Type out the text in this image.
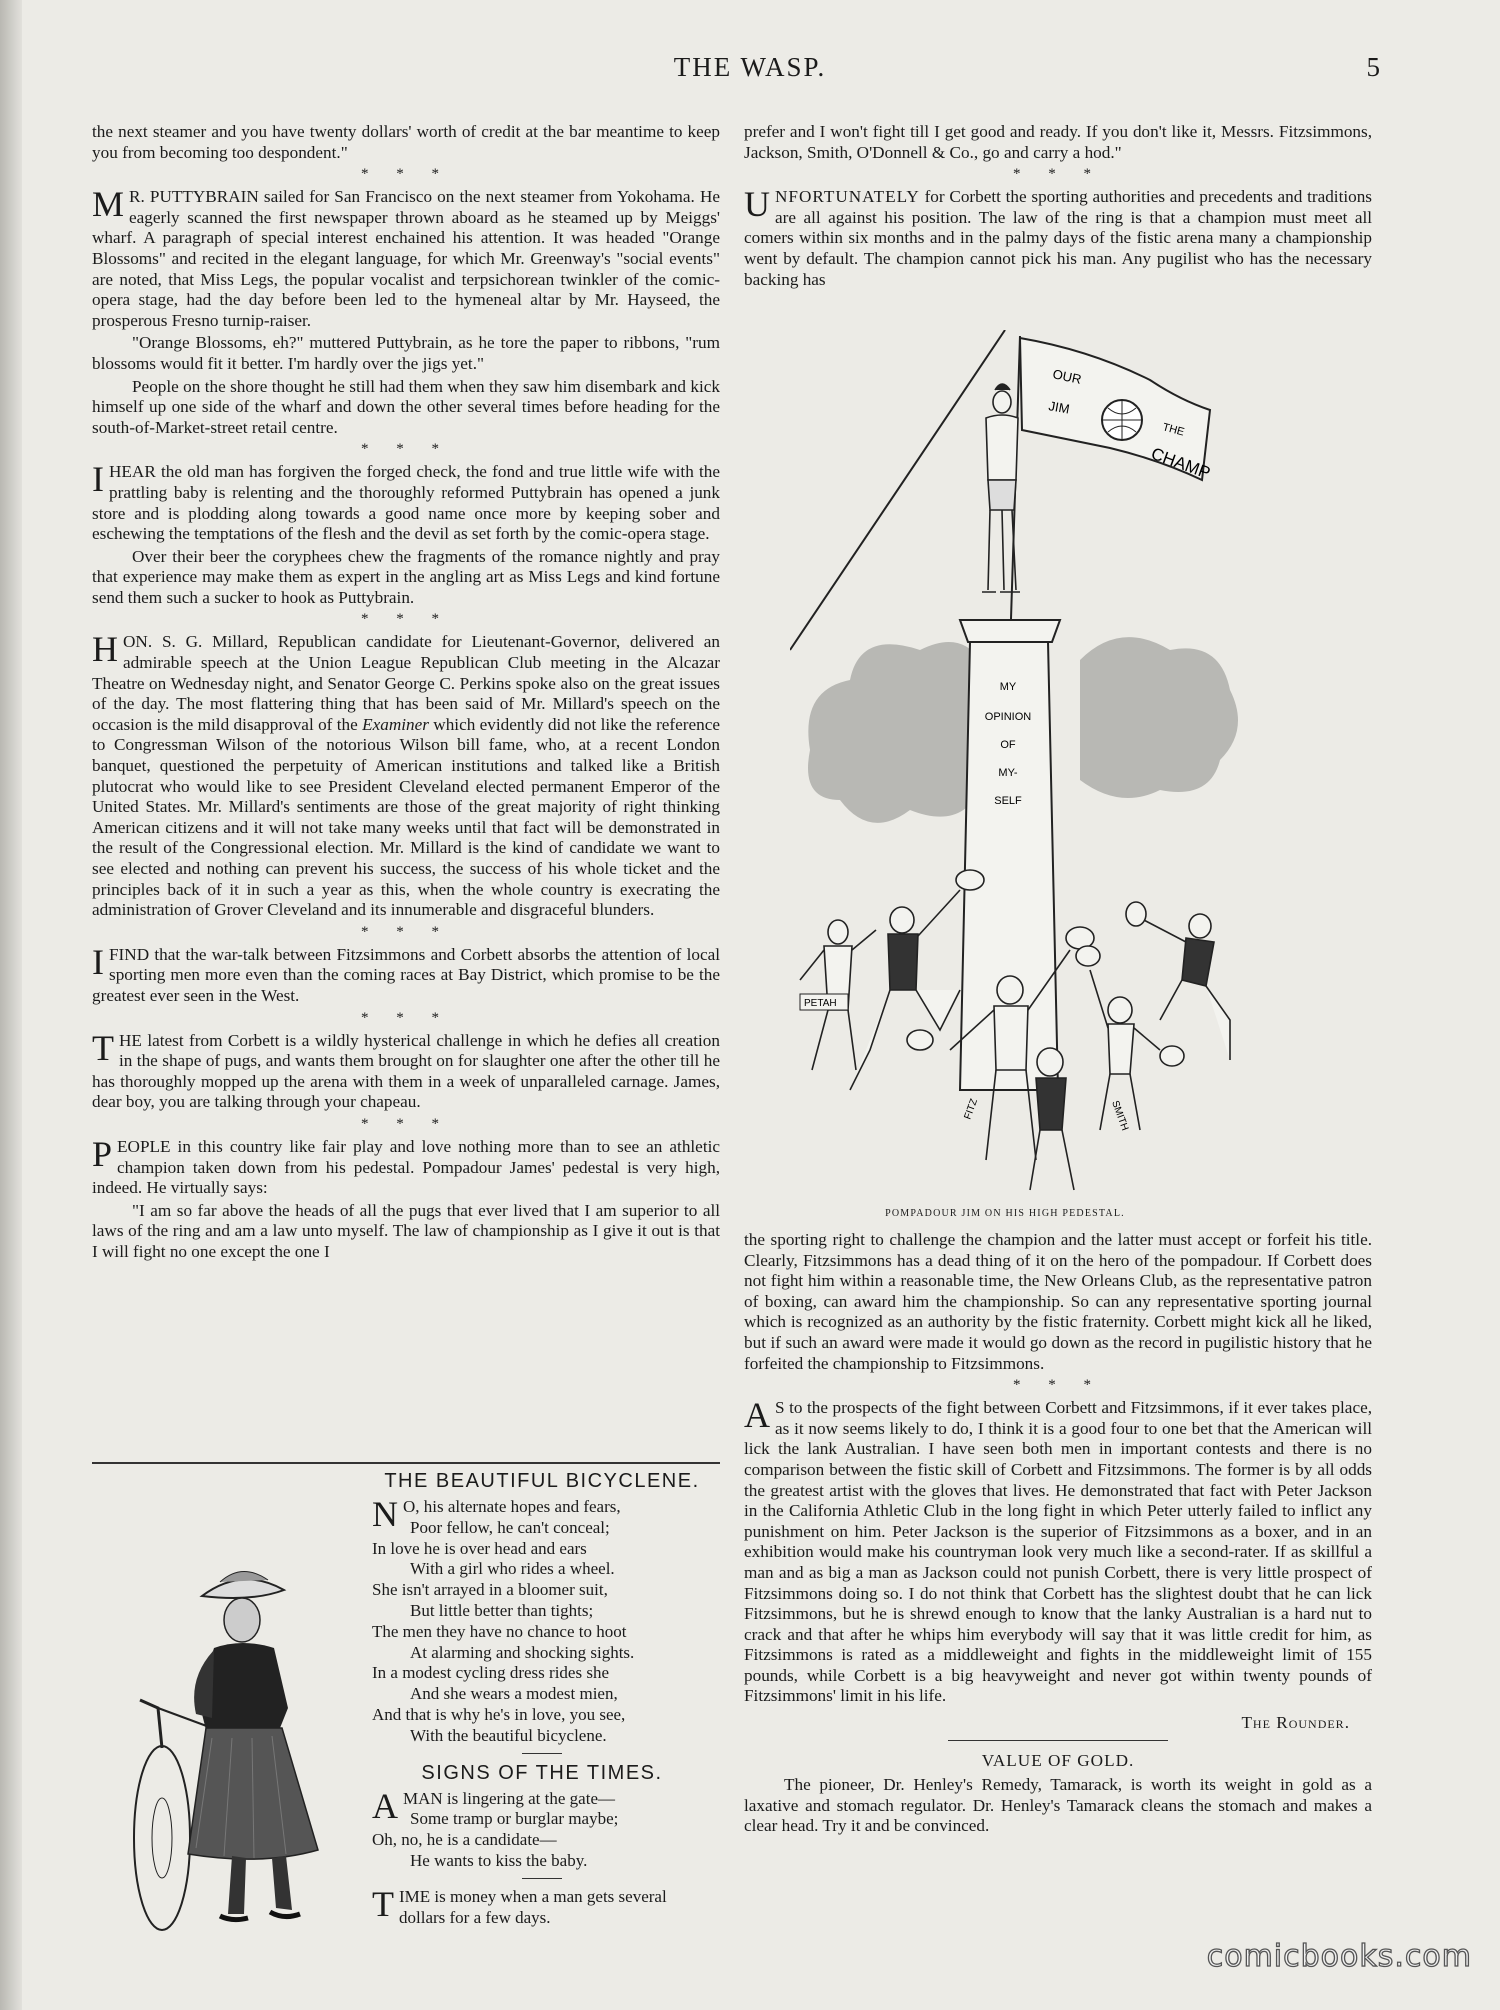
THE WASP.	5

the next steamer and you have twenty dollars' worth of credit at the bar meantime to keep you from becoming too despondent."

* * *

M R. PUTTYBRAIN sailed for San Francisco on the next steamer from Yokohama. He eagerly scanned the first newspaper thrown aboard as he steamed up by Meiggs' wharf. A paragraph of special interest enchained his attention. It was headed "Orange Blossoms" and recited in the elegant language, for which Mr. Greenway's "social events" are noted, that Miss Legs, the popular vocalist and terpsichorean twinkler of the comic-opera stage, had the day before been led to the hymeneal altar by Mr. Hayseed, the prosperous Fresno turnip-raiser.

"Orange Blossoms, eh?" muttered Puttybrain, as he tore the paper to ribbons, "rum blossoms would fit it better. I'm hardly over the jigs yet."

People on the shore thought he still had them when they saw him disembark and kick himself up one side of the wharf and down the other several times before heading for the south-of-Market-street retail centre.

* * *

IHEAR the old man has forgiven the forged check, the fond and true little wife with the prattling baby is relenting and the thoroughly reformed Puttybrain has opened a junk store and is plodding along towards a good name once more by keeping sober and eschewing the temptations of the flesh and the devil as set forth by the comic-opera stage.

Over their beer the coryphees chew the fragments of the romance nightly and pray that experience may make them as expert in the angling art as Miss Legs and kind fortune send them such a sucker to hook as Puttybrain.

* * *

HON. S. G. Millard, Republican candidate for Lieutenant-Governor, delivered an admirable speech at the Union League Republican Club meeting in the Alcazar Theatre on Wednesday night, and Senator George C. Perkins spoke also on the great issues of the day. The most flattering thing that has been said of Mr. Millard's speech on the occasion is the mild disapproval of the Examiner which evidently did not like the reference to Congressman Wilson of the notorious Wilson bill fame, who, at a recent London banquet, questioned the perpetuity of American institutions and talked like a British plutocrat who would like to see President Cleveland elected permanent Emperor of the United States. Mr. Millard's sentiments are those of the great majority of right thinking American citizens and it will not take many weeks until that fact will be demonstrated in the result of the Congressional election. Mr. Millard is the kind of candidate we want to see elected and nothing can prevent his success, the success of his whole ticket and the principles back of it in such a year as this, when the whole country is execrating the administration of Grover Cleveland and its innumerable and disgraceful blunders.

* * *

IFIND that the war-talk between Fitzsimmons and Corbett absorbs the attention of local sporting men more even than the coming races at Bay District, which promise to be the greatest ever seen in the West.

* * *

THE latest from Corbett is a wildly hysterical challenge in which he defies all creation in the shape of pugs, and wants them brought on for slaughter one after the other till he has thoroughly mopped up the arena with them in a week of unparalleled carnage. James, dear boy, you are talking through your chapeau.

* * *

PEOPLE in this country like fair play and love nothing more than to see an athletic champion taken down from his pedestal. Pompadour James' pedestal is very high, indeed. He virtually says:

"I am so far above the heads of all the pugs that ever lived that I am superior to all laws of the ring and am a law unto myself. The law of championship as I give it out is that I will fight no one except the one I

THE BEAUTIFUL BICYCLENE.
N O, his alternate hopes and fears,
Poor fellow, he can't conceal;
In love he is over head and ears
With a girl who rides a wheel.
She isn't arrayed in a bloomer suit,
But little better than tights;
The men they have no chance to hoot
At alarming and shocking sights.
In a modest cycling dress rides she
And she wears a modest mien,
And that is why he's in love, you see,
With the beautiful bicyclene.
SIGNS OF THE TIMES.
A MAN is lingering at the gate—
Some tramp or burglar maybe;
Oh, no, he is a candidate—
He wants to kiss the baby.
TIME is money when a man gets several dollars for a few days.

prefer and I won't fight till I get good and ready. If you don't like it, Messrs. Fitzsimmons, Jackson, Smith, O'Donnell & Co., go and carry a hod."

* * *

UNFORTUNATELY for Corbett the sporting authorities and precedents and traditions are all against his position. The law of the ring is that a champion must meet all comers within six months and in the palmy days of the fistic arena many a championship went by default. The champion cannot pick his man. Any pugilist who has the necessary backing has

OUR
JIM
THE
CHAMP
MY
OPINION
OF
MY-
SELF
PETAH
FITZ	SMITH
POMPADOUR JIM ON HIS HIGH PEDESTAL.

the sporting right to challenge the champion and the latter must accept or forfeit his title. Clearly, Fitzsimmons has a dead thing of it on the hero of the pompadour. If Corbett does not fight him within a reasonable time, the New Orleans Club, as the representative patron of boxing, can award him the championship. So can any representative sporting journal which is recognized as an authority by the fistic fraternity. Corbett might kick all he liked, but if such an award were made it would go down as the record in pugilistic history that he forfeited the championship to Fitzsimmons.

* * *

A S to the prospects of the fight between Corbett and Fitzsimmons, if it ever takes place, as it now seems likely to do, I think it is a good four to one bet that the American will lick the lank Australian. I have seen both men in important contests and there is no comparison between the fistic skill of Corbett and Fitzsimmons. The former is by all odds the greatest artist with the gloves that lives. He demonstrated that fact with Peter Jackson in the California Athletic Club in the long fight in which Peter utterly failed to inflict any punishment on him. Peter Jackson is the superior of Fitzsimmons as a boxer, and in an exhibition would make his countryman look very much like a second-rater. If as skillful a man and as big a man as Jackson could not punish Corbett, there is very little prospect of Fitzsimmons doing so. I do not think that Corbett has the slightest doubt that he can lick Fitzsimmons, but he is shrewd enough to know that the lanky Australian is a hard nut to crack and that after he whips him everybody will say that it was little credit for him, as Fitzsimmons is rated as a middleweight and fights in the middleweight limit of 155 pounds, while Corbett is a big heavyweight and never got within twenty pounds of Fitzsimmons' limit in his life.

The Rounder.
VALUE OF GOLD.

The pioneer, Dr. Henley's Remedy, Tamarack, is worth its weight in gold as a laxative and stomach regulator. Dr. Henley's Tamarack cleans the stomach and makes a clear head. Try it and be convinced.

comicbooks.com
